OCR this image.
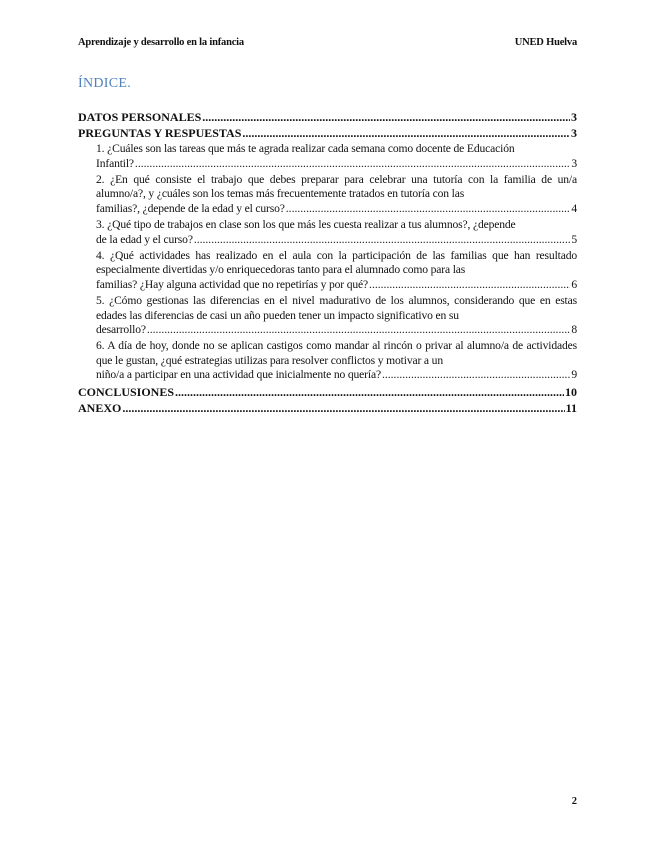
Aprendizaje y desarrollo en la infancia	UNED Huelva
ÍNDICE.
DATOS PERSONALES .....	3
PREGUNTAS Y RESPUESTAS .....	3
1. ¿Cuáles son las tareas que más te agrada realizar cada semana como docente de Educación
Infantil? .....	3
2. ¿En qué consiste el trabajo que debes preparar para celebrar una tutoría con la familia de un/a alumno/a?, y ¿cuáles son los temas más frecuentemente tratados en tutoría con las
familias?, ¿depende de la edad y el curso? .....	4
3. ¿Qué tipo de trabajos en clase son los que más les cuesta realizar a tus alumnos?, ¿depende
de la edad y el curso? .....	5
4. ¿Qué actividades has realizado en el aula con la participación de las familias que han resultado especialmente divertidas y/o enriquecedoras tanto para el alumnado como para las
familias? ¿Hay alguna actividad que no repetirías y por qué? .....	6
5. ¿Cómo gestionas las diferencias en el nivel madurativo de los alumnos, considerando que en estas edades las diferencias de casi un año pueden tener un impacto significativo en su
desarrollo? .....	8
6. A día de hoy, donde no se aplican castigos como mandar al rincón o privar al alumno/a de actividades que le gustan, ¿qué estrategias utilizas para resolver conflictos y motivar a un
niño/a a participar en una actividad que inicialmente no quería? .....	9
CONCLUSIONES .....	10
ANEXO .....	11
2
